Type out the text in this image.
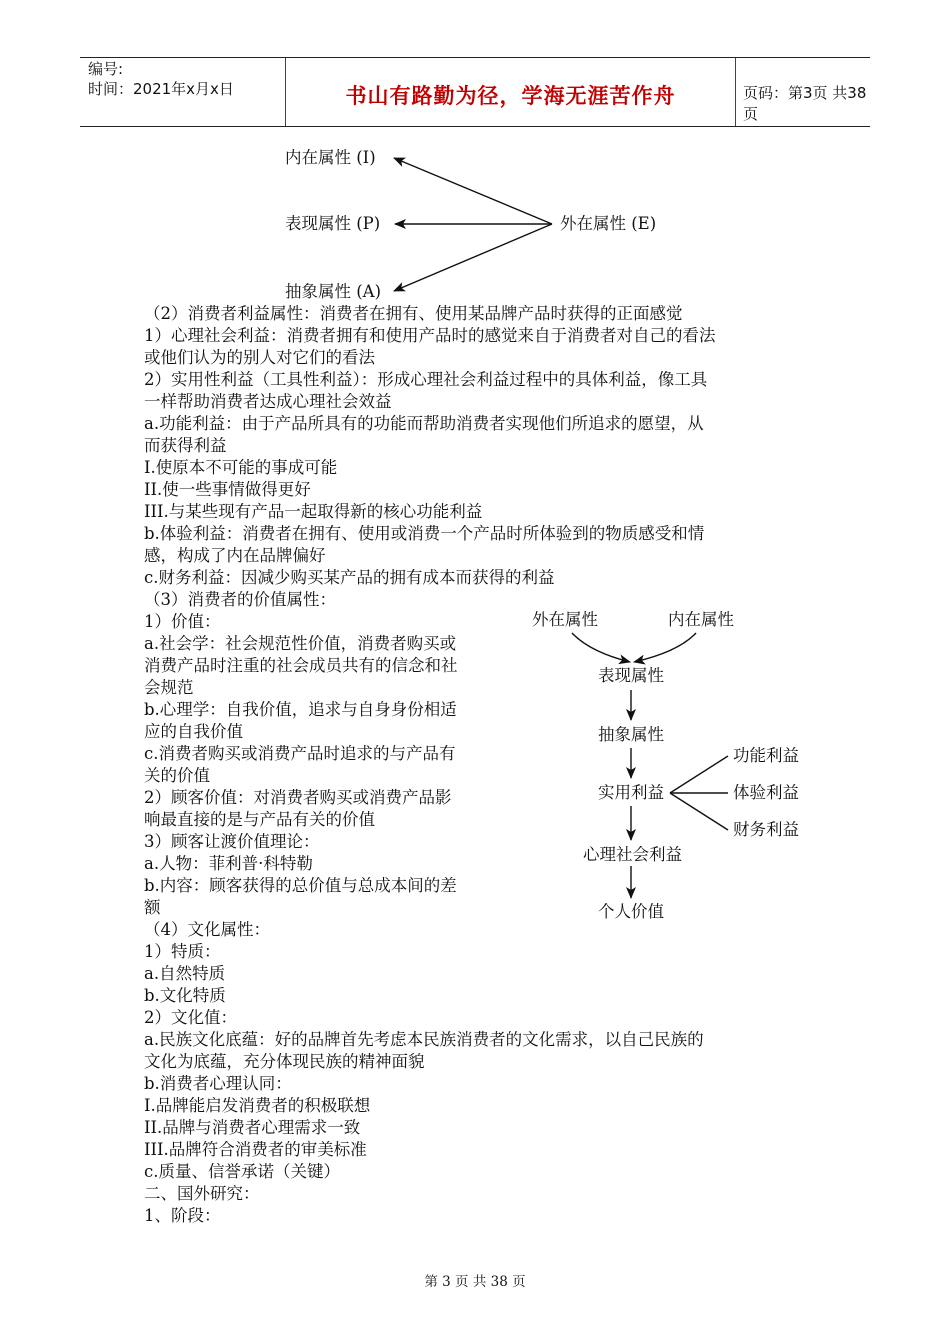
编号:
时间：2021年x月x日	书山有路勤为径，学海无涯苦作舟	页码：第3页 共38页
内在属性 (I)
表现属性 (P)
抽象属性 (A)
外在属性 (E)
外在属性	内在属性
表现属性
抽象属性
实用利益
功能利益
体验利益
财务利益
心理社会利益
个人价值
（2）消费者利益属性：消费者在拥有、使用某品牌产品时获得的正面感觉
1）心理社会利益：消费者拥有和使用产品时的感觉来自于消费者对自己的看法
或他们认为的别人对它们的看法
2）实用性利益（工具性利益）：形成心理社会利益过程中的具体利益，像工具
一样帮助消费者达成心理社会效益
a.功能利益：由于产品所具有的功能而帮助消费者实现他们所追求的愿望，从
而获得利益
I.使原本不可能的事成可能
II.使一些事情做得更好
III.与某些现有产品一起取得新的核心功能利益
b.体验利益：消费者在拥有、使用或消费一个产品时所体验到的物质感受和情
感，构成了内在品牌偏好
c.财务利益：因减少购买某产品的拥有成本而获得的利益
（3）消费者的价值属性：
1）价值：
a.社会学：社会规范性价值，消费者购买或
消费产品时注重的社会成员共有的信念和社
会规范
b.心理学：自我价值，追求与自身身份相适
应的自我价值
c.消费者购买或消费产品时追求的与产品有
关的价值
2）顾客价值：对消费者购买或消费产品影
响最直接的是与产品有关的价值
3）顾客让渡价值理论：
a.人物：菲利普·科特勒
b.内容：顾客获得的总价值与总成本间的差
额
（4）文化属性：
1）特质：
a.自然特质
b.文化特质
2）文化值：
a.民族文化底蕴：好的品牌首先考虑本民族消费者的文化需求，以自己民族的
文化为底蕴，充分体现民族的精神面貌
b.消费者心理认同：
I.品牌能启发消费者的积极联想
II.品牌与消费者心理需求一致
III.品牌符合消费者的审美标准
c.质量、信誉承诺（关键）
二、国外研究：
1、阶段：
第 3 页 共 38 页
